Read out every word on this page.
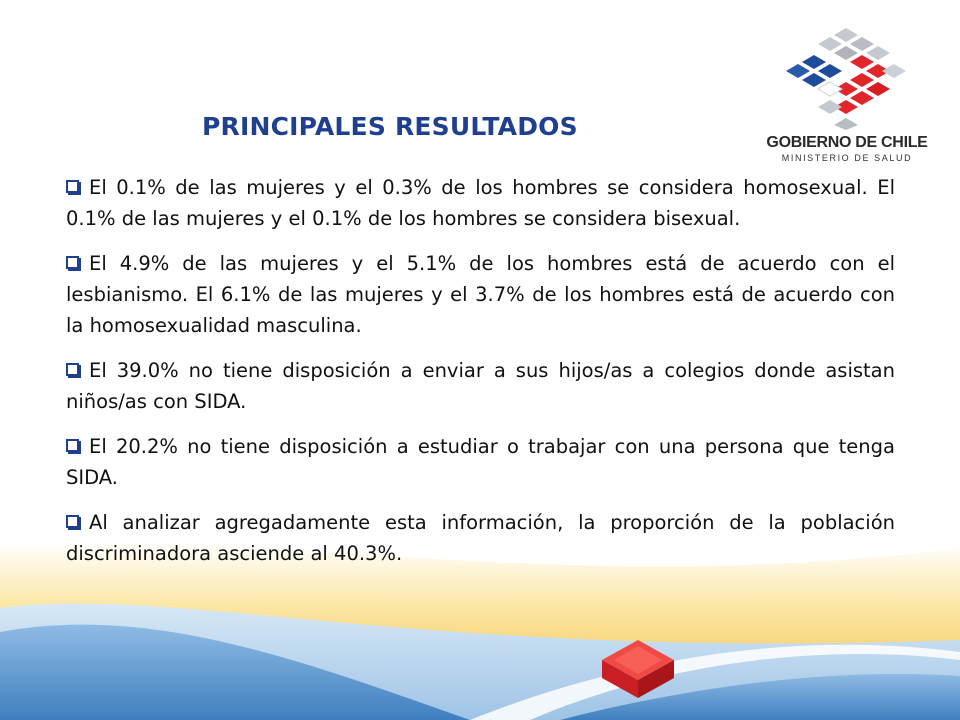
PRINCIPALES RESULTADOS
GOBIERNO DE CHILE
MINISTERIO DE SALUD

El 0.1% de las mujeres y el 0.3% de los hombres se considera homosexual. El 0.1% de las mujeres y el 0.1% de los hombres se considera bisexual.

El 4.9% de las mujeres y el 5.1% de los hombres está de acuerdo con el lesbianismo. El 6.1% de las mujeres y el 3.7% de los hombres está de acuerdo con la homosexualidad masculina.

El 39.0% no tiene disposición a enviar a sus hijos/as a colegios donde asistan niños/as con SIDA.

El 20.2% no tiene disposición a estudiar o trabajar con una persona que tenga SIDA.

Al analizar agregadamente esta información, la proporción de la población discriminadora asciende al 40.3%.
